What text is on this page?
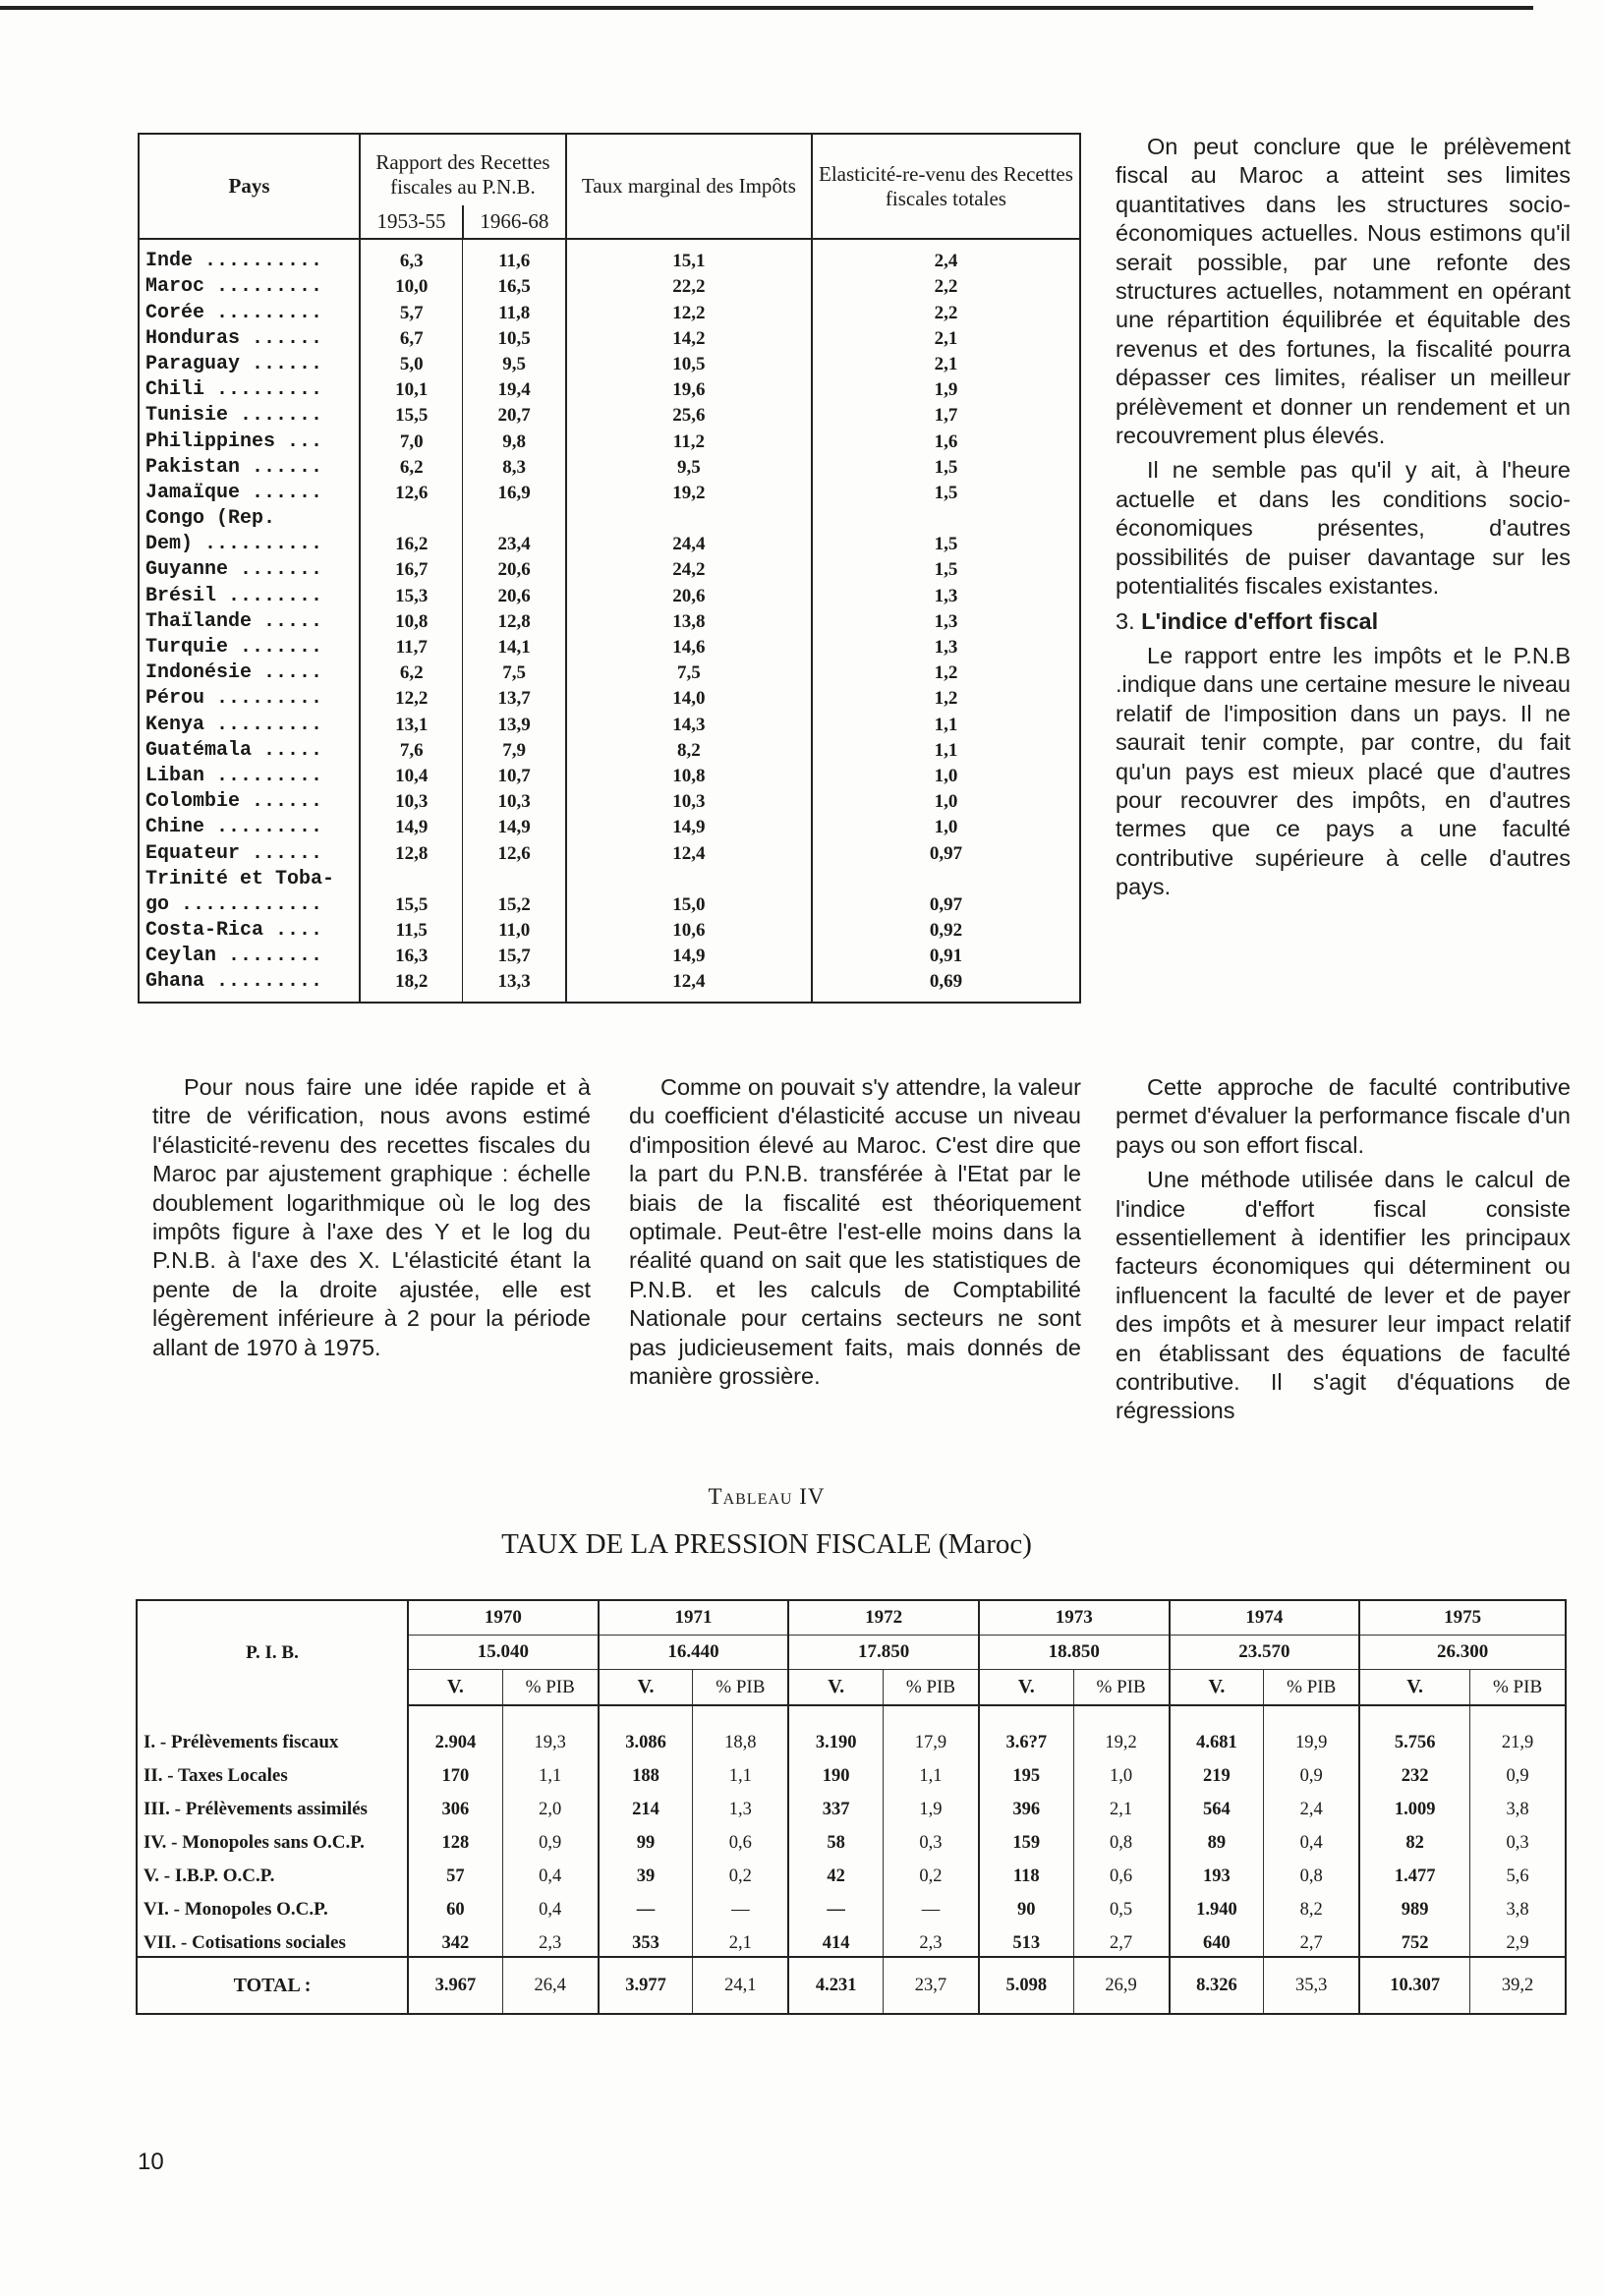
Pays	Rapport des Recettes fiscales au P.N.B.		Taux marginal des Impôts	Elasticité-re-venu des Recettes fiscales totales
	1953-55	1966-68		
Inde ..........	6,3	11,6	15,1	2,4
Maroc .........	10,0	16,5	22,2	2,2
Corée .........	5,7	11,8	12,2	2,2
Honduras ......	6,7	10,5	14,2	2,1
Paraguay ......	5,0	9,5	10,5	2,1
Chili .........	10,1	19,4	19,6	1,9
Tunisie .......	15,5	20,7	25,6	1,7
Philippines ...	7,0	9,8	11,2	1,6
Pakistan ......	6,2	8,3	9,5	1,5
Jamaïque ......	12,6	16,9	19,2	1,5
Congo (Rep.				
Dem) ..........	16,2	23,4	24,4	1,5
Guyanne .......	16,7	20,6	24,2	1,5
Brésil ........	15,3	20,6	20,6	1,3
Thaïlande .....	10,8	12,8	13,8	1,3
Turquie .......	11,7	14,1	14,6	1,3
Indonésie .....	6,2	7,5	7,5	1,2
Pérou .........	12,2	13,7	14,0	1,2
Kenya .........	13,1	13,9	14,3	1,1
Guatémala .....	7,6	7,9	8,2	1,1
Liban .........	10,4	10,7	10,8	1,0
Colombie ......	10,3	10,3	10,3	1,0
Chine .........	14,9	14,9	14,9	1,0
Equateur ......	12,8	12,6	12,4	0,97
Trinité et Toba-				
go ............	15,5	15,2	15,0	0,97
Costa-Rica ....	11,5	11,0	10,6	0,92
Ceylan ........	16,3	15,7	14,9	0,91
Ghana .........	18,2	13,3	12,4	0,69

On peut conclure que le prélèvement fiscal au Maroc a atteint ses limites quantitatives dans les structures socio-économiques actuelles. Nous estimons qu'il serait possible, par une refonte des structures actuelles, notamment en opérant une répartition équilibrée et équitable des revenus et des fortunes, la fiscalité pourra dépasser ces limites, réaliser un meilleur prélèvement et donner un rendement et un recouvrement plus élevés.

Il ne semble pas qu'il y ait, à l'heure actuelle et dans les conditions socio-économiques présentes, d'autres possibilités de puiser davantage sur les potentialités fiscales existantes.

3. L'indice d'effort fiscal

Le rapport entre les impôts et le P.N.B .indique dans une certaine mesure le niveau relatif de l'imposition dans un pays. Il ne saurait tenir compte, par contre, du fait qu'un pays est mieux placé que d'autres pour recouvrer des impôts, en d'autres termes que ce pays a une faculté contributive supérieure à celle d'autres pays.

Pour nous faire une idée rapide et à titre de vérification, nous avons estimé l'élasticité-revenu des recettes fiscales du Maroc par ajustement graphique : échelle doublement logarithmique où le log des impôts figure à l'axe des Y et le log du P.N.B. à l'axe des X. L'élasticité étant la pente de la droite ajustée, elle est légèrement inférieure à 2 pour la période allant de 1970 à 1975.

Comme on pouvait s'y attendre, la valeur du coefficient d'élasticité accuse un niveau d'imposition élevé au Maroc. C'est dire que la part du P.N.B. transférée à l'Etat par le biais de la fiscalité est théoriquement optimale. Peut-être l'est-elle moins dans la réalité quand on sait que les statistiques de P.N.B. et les calculs de Comptabilité Nationale pour certains secteurs ne sont pas judicieusement faits, mais donnés de manière grossière.

Cette approche de faculté contributive permet d'évaluer la performance fiscale d'un pays ou son effort fiscal.

Une méthode utilisée dans le calcul de l'indice d'effort fiscal consiste essentiellement à identifier les principaux facteurs économiques qui déterminent ou influencent la faculté de lever et de payer des impôts et à mesurer leur impact relatif en établissant des équations de faculté contributive. Il s'agit d'équations de régressions

Tableau IV
TAUX DE LA PRESSION FISCALE (Maroc)
P. I. B.	1970		1971		1972		1973		1974		1975	
	15.040		16.440		17.850		18.850		23.570		26.300	
	V.	% PIB	V.	% PIB	V.	% PIB	V.	% PIB	V.	% PIB	V.	% PIB

I. - Prélèvements fiscaux	2.904	19,3	3.086	18,8	3.190	17,9	3.6?7	19,2	4.681	19,9	5.756	21,9
II. - Taxes Locales	170	1,1	188	1,1	190	1,1	195	1,0	219	0,9	232	0,9
III. - Prélèvements assimilés	306	2,0	214	1,3	337	1,9	396	2,1	564	2,4	1.009	3,8
IV. - Monopoles sans O.C.P.	128	0,9	99	0,6	58	0,3	159	0,8	89	0,4	82	0,3
V. - I.B.P. O.C.P.	57	0,4	39	0,2	42	0,2	118	0,6	193	0,8	1.477	5,6
VI. - Monopoles O.C.P.	60	0,4	—	—	—	—	90	0,5	1.940	8,2	989	3,8
VII. - Cotisations sociales	342	2,3	353	2,1	414	2,3	513	2,7	640	2,7	752	2,9
TOTAL :	3.967	26,4	3.977	24,1	4.231	23,7	5.098	26,9	8.326	35,3	10.307	39,2
10
